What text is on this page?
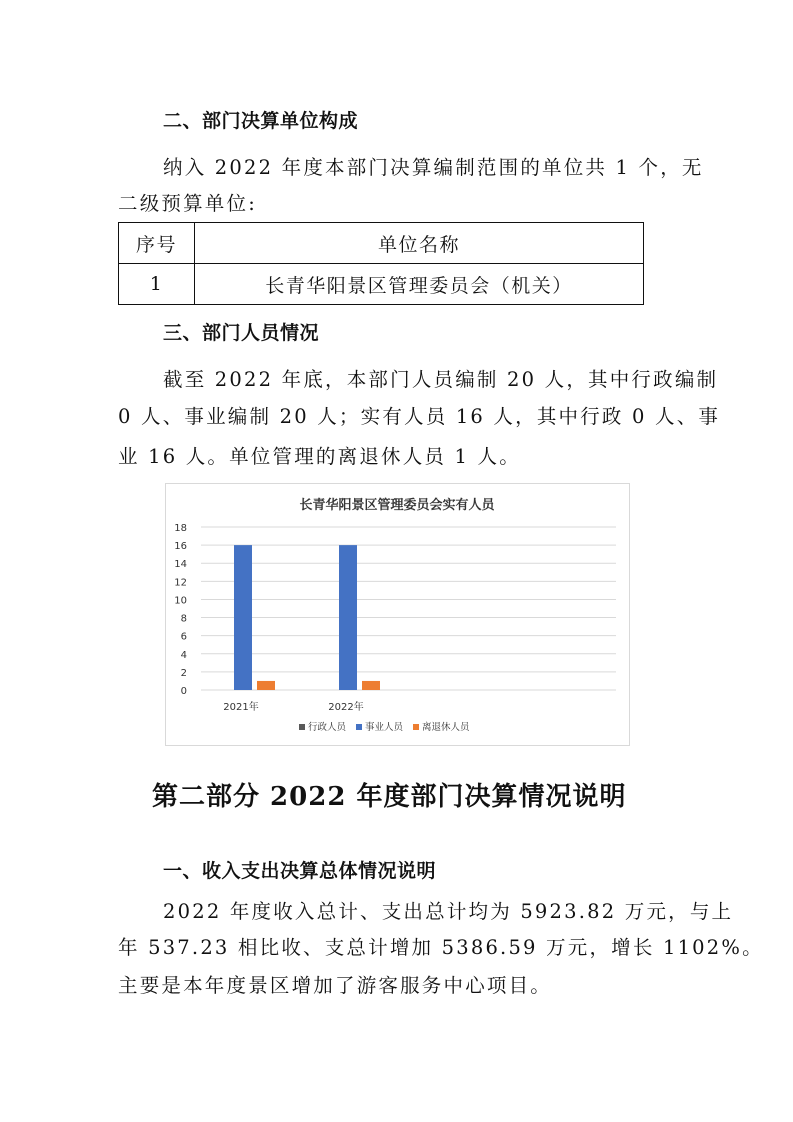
二、部门决算单位构成
纳入 2022 年度本部门决算编制范围的单位共 1 个，无
二级预算单位:
序号	单位名称
1	长青华阳景区管理委员会（机关）
三、部门人员情况
截至 2022 年底，本部门人员编制 20 人，其中行政编制
0 人、事业编制 20 人；实有人员 16 人，其中行政 0 人、事
业 16 人。单位管理的离退休人员 1 人。
长青华阳景区管理委员会实有人员
18
16
14
12
10
8
6
4
2
0
2021年	2022年
行政人员 事业人员 离退休人员
第二部分 2022 年度部门决算情况说明
一、收入支出决算总体情况说明
2022 年度收入总计、支出总计均为 5923.82 万元，与上
年 537.23 相比收、支总计增加 5386.59 万元，增长 1102%。
主要是本年度景区增加了游客服务中心项目。
